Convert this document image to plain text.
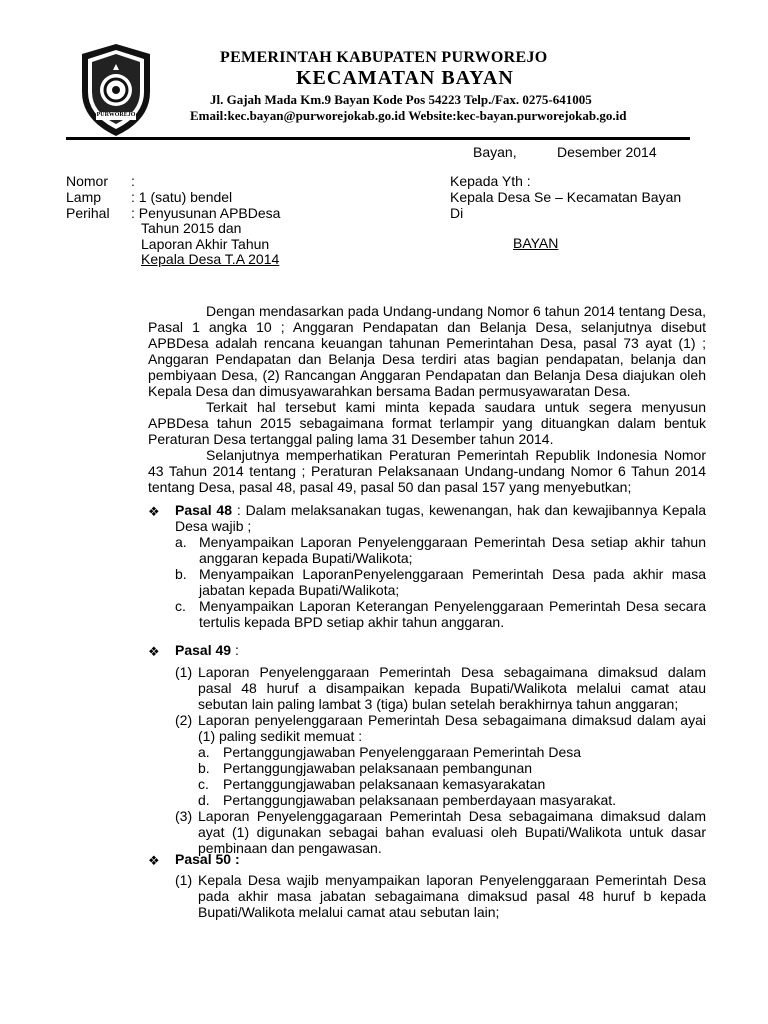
PURWOREJO
PEMERINTAH KABUPATEN PURWOREJO
KECAMATAN BAYAN
Jl. Gajah Mada Km.9 Bayan Kode Pos 54223 Telp./Fax. 0275-641005
Email:kec.bayan@purworejokab.go.id Website:kec-bayan.purworejokab.go.id
Bayan,	Desember 2014
Nomor :
Lamp : 1 (satu) bendel
Perihal : Penyusunan APBDesa
Tahun 2015 dan
Laporan Akhir Tahun
Kepala Desa T.A 2014
Kepada Yth :
Kepala Desa Se – Kecamatan Bayan
Di
BAYAN

Dengan mendasarkan pada Undang-undang Nomor 6 tahun 2014 tentang Desa, Pasal 1 angka 10 ; Anggaran Pendapatan dan Belanja Desa, selanjutnya disebut APBDesa adalah rencana keuangan tahunan Pemerintahan Desa, pasal 73 ayat (1) ; Anggaran Pendapatan dan Belanja Desa terdiri atas bagian pendapatan, belanja dan pembiyaan Desa, (2) Rancangan Anggaran Pendapatan dan Belanja Desa diajukan oleh Kepala Desa dan dimusyawarahkan bersama Badan permusyawaratan Desa.

Terkait hal tersebut kami minta kepada saudara untuk segera menyusun APBDesa tahun 2015 sebagaimana format terlampir yang dituangkan dalam bentuk Peraturan Desa tertanggal paling lama 31 Desember tahun 2014.

Selanjutnya memperhatikan Peraturan Pemerintah Republik Indonesia Nomor 43 Tahun 2014 tentang ; Peraturan Pelaksanaan Undang-undang Nomor 6 Tahun 2014 tentang Desa, pasal 48, pasal 49, pasal 50 dan pasal 157 yang menyebutkan;

❖ Pasal 48 : Dalam melaksanakan tugas, kewenangan, hak dan kewajibannya Kepala Desa wajib ;
a. Menyampaikan Laporan Penyelenggaraan Pemerintah Desa setiap akhir tahun anggaran kepada Bupati/Walikota;
b. Menyampaikan LaporanPenyelenggaraan Pemerintah Desa pada akhir masa jabatan kepada Bupati/Walikota;
c. Menyampaikan Laporan Keterangan Penyelenggaraan Pemerintah Desa secara tertulis kepada BPD setiap akhir tahun anggaran.
❖ Pasal 49 :
(1) Laporan Penyelenggaraan Pemerintah Desa sebagaimana dimaksud dalam pasal 48 huruf a disampaikan kepada Bupati/Walikota melalui camat atau sebutan lain paling lambat 3 (tiga) bulan setelah berakhirnya tahun anggaran;
(2) Laporan penyelenggaraan Pemerintah Desa sebagaimana dimaksud dalam ayai (1) paling sedikit memuat :
a. Pertanggungjawaban Penyelenggaraan Pemerintah Desa
b. Pertanggungjawaban pelaksanaan pembangunan
c.	Pertanggungjawaban pelaksanaan kemasyarakatan
d. Pertanggungjawaban pelaksanaan pemberdayaan masyarakat.
(3) Laporan Penyelenggagaraan Pemerintah Desa sebagaimana dimaksud dalam ayat (1) digunakan sebagai bahan evaluasi oleh Bupati/Walikota untuk dasar pembinaan dan pengawasan.
❖ Pasal 50 :
(1) Kepala Desa wajib menyampaikan laporan Penyelenggaraan Pemerintah Desa pada akhir masa jabatan sebagaimana dimaksud pasal 48 huruf b kepada Bupati/Walikota melalui camat atau sebutan lain;
